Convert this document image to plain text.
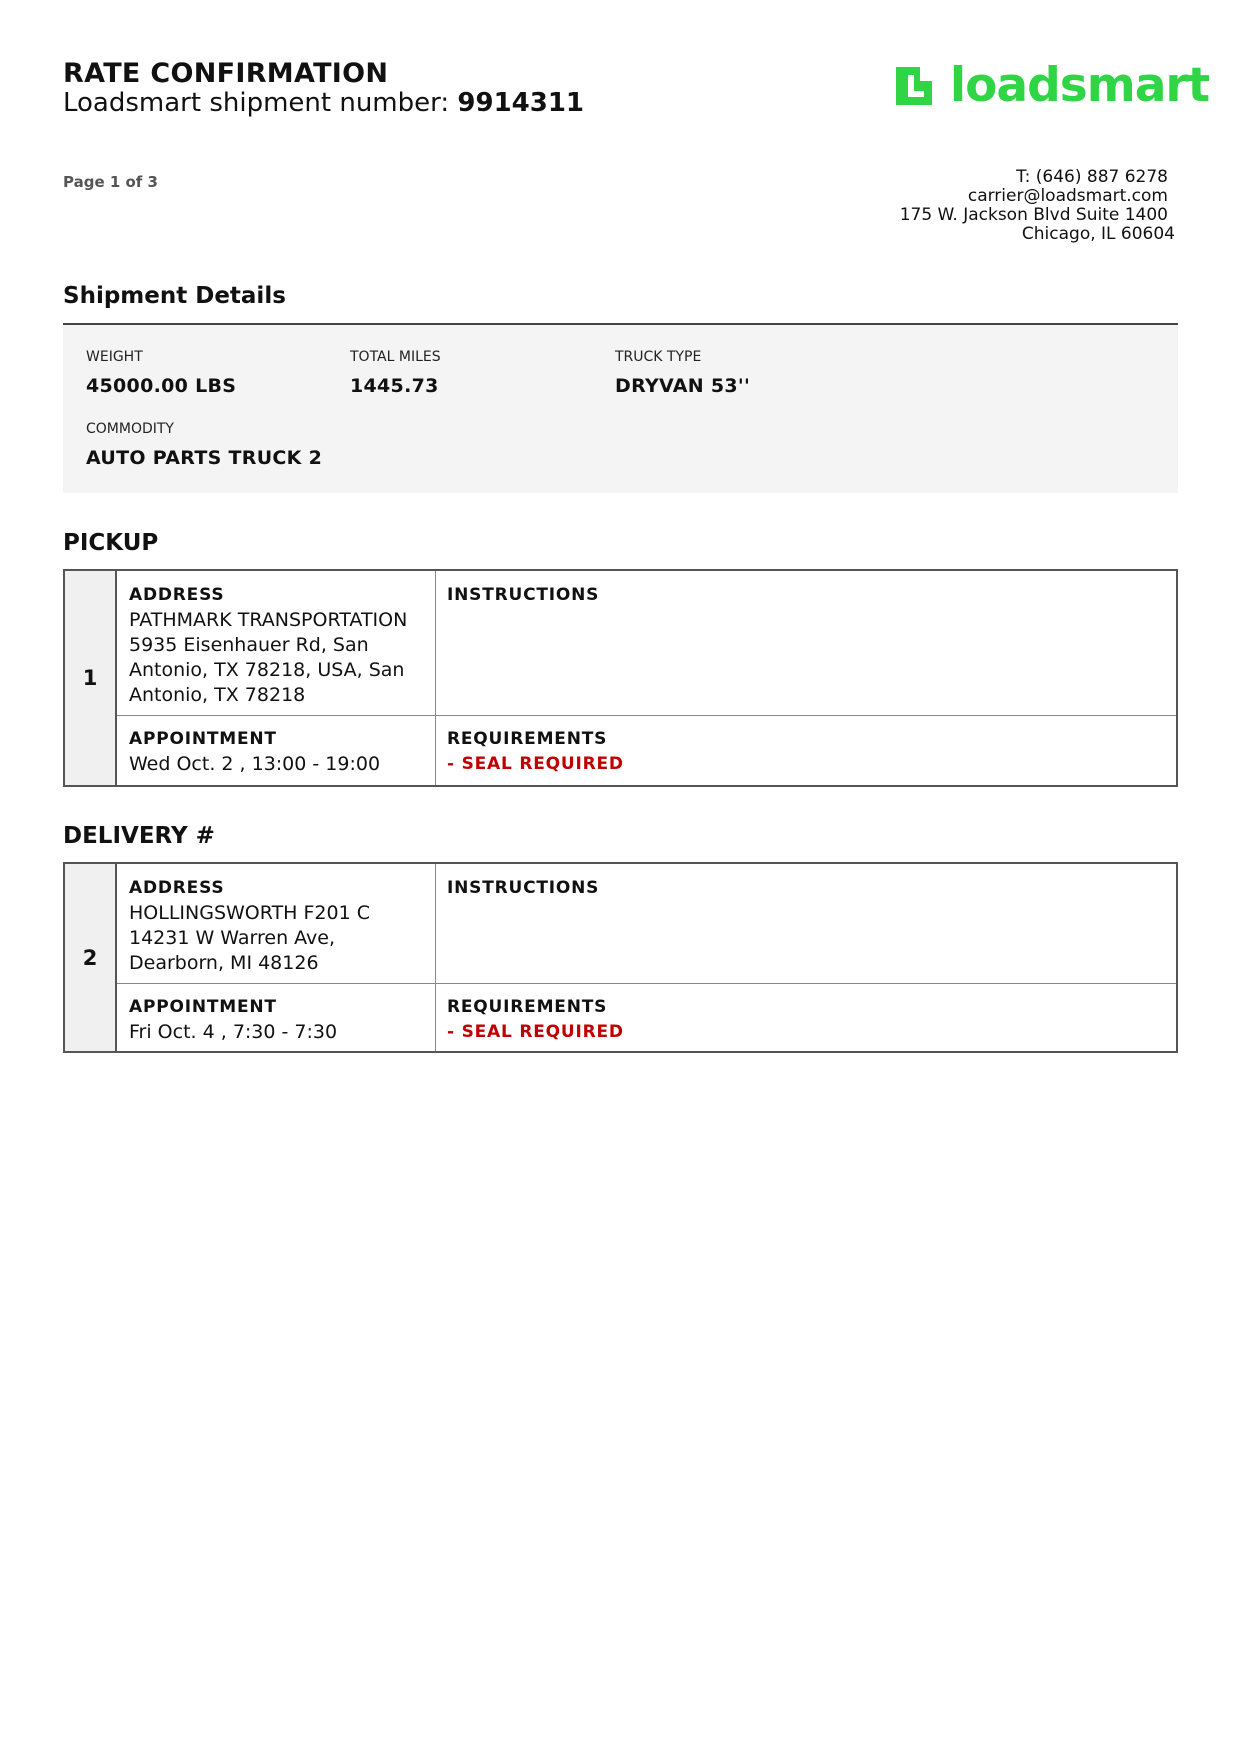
RATE CONFIRMATION
Loadsmart shipment number: 9914311	loadsmart
Page 1 of 3	T: (646) 887 6278
carrier@loadsmart.com
175 W. Jackson Blvd Suite 1400
Chicago, IL 60604
Shipment Details
WEIGHT
45000.00 LBS
TOTAL MILES
1445.73
TRUCK TYPE
DRYVAN 53''
COMMODITY
AUTO PARTS TRUCK 2
PICKUP
1
ADDRESS
PATHMARK TRANSPORTATION
5935 Eisenhauer Rd, San
Antonio, TX 78218, USA, San
Antonio, TX 78218
INSTRUCTIONS
APPOINTMENT
Wed Oct. 2 , 13:00 - 19:00
REQUIREMENTS
- SEAL REQUIRED
DELIVERY #
2
ADDRESS
HOLLINGSWORTH F201 C
14231 W Warren Ave,
Dearborn, MI 48126
INSTRUCTIONS
APPOINTMENT
Fri Oct. 4 , 7:30 - 7:30
REQUIREMENTS
- SEAL REQUIRED
